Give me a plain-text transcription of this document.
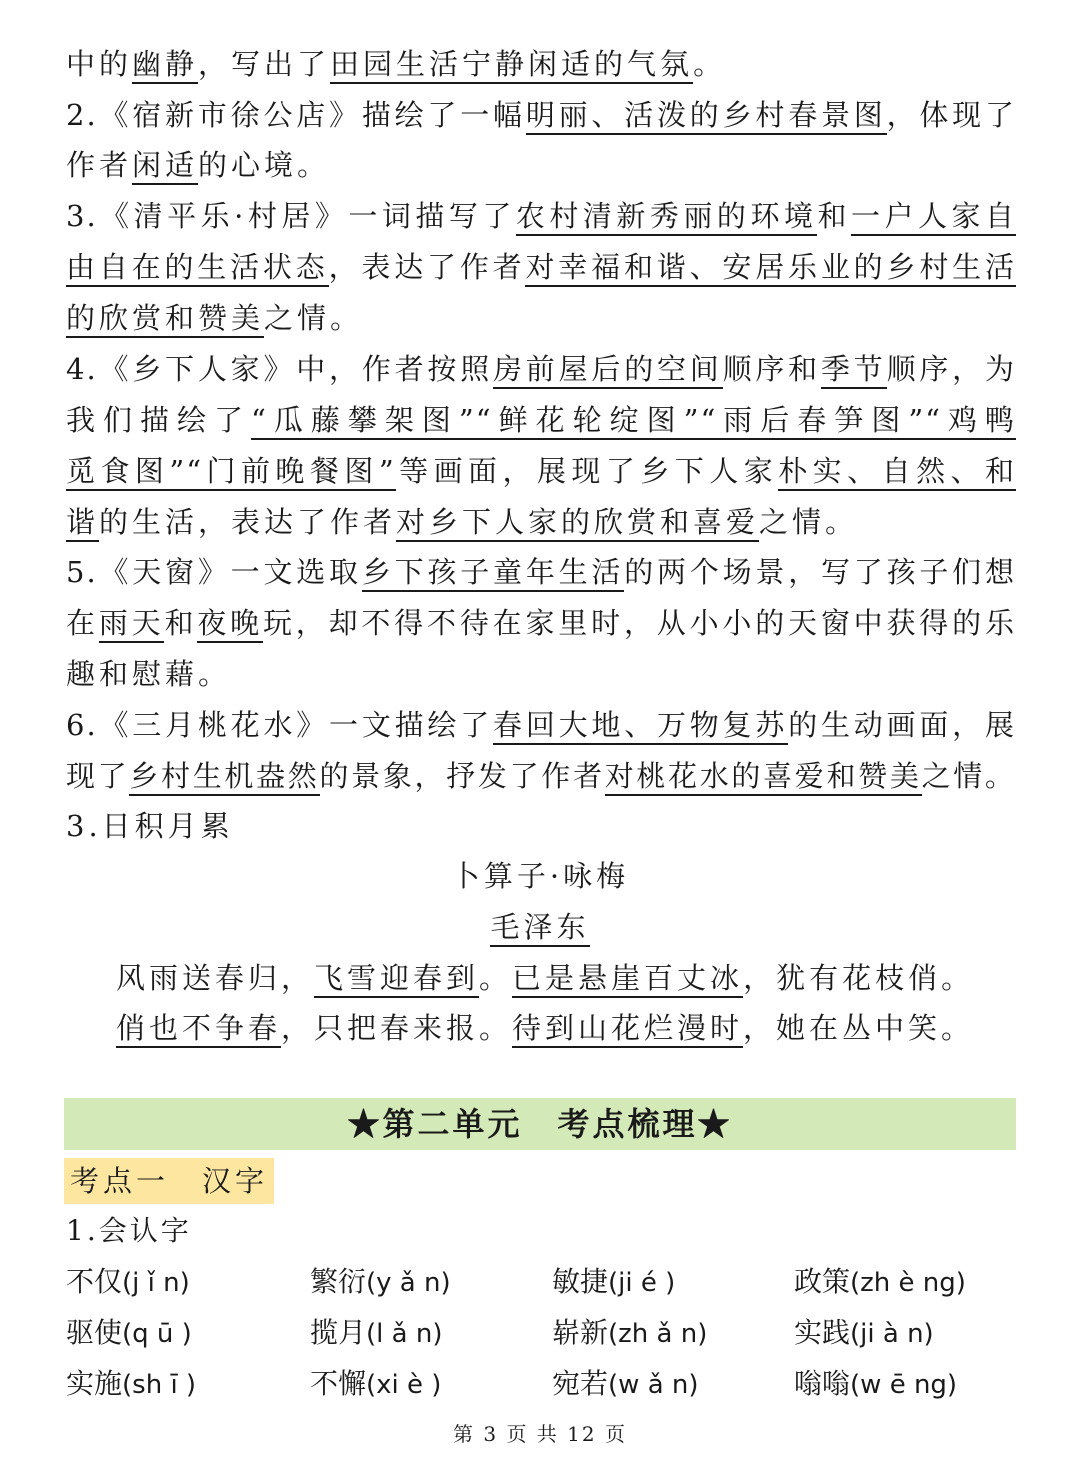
中的幽静，写出了田园生活宁静闲适的气氛。
2.《宿新市徐公店》描绘了一幅明丽、活泼的乡村春景图，体现了
作者闲适的心境。
3.《清平乐·村居》一词描写了农村清新秀丽的环境和一户人家自
由自在的生活状态，表达了作者对幸福和谐、安居乐业的乡村生活
的欣赏和赞美之情。
4.《乡下人家》中，作者按照房前屋后的空间顺序和季节顺序，为
我们描绘了“瓜藤攀架图”“鲜花轮绽图”“雨后春笋图”“鸡鸭
觅食图”“门前晚餐图”等画面，展现了乡下人家朴实、自然、和
谐的生活，表达了作者对乡下人家的欣赏和喜爱之情。
5.《天窗》一文选取乡下孩子童年生活的两个场景，写了孩子们想
在雨天和夜晚玩，却不得不待在家里时，从小小的天窗中获得的乐
趣和慰藉。
6.《三月桃花水》一文描绘了春回大地、万物复苏的生动画面，展
现了乡村生机盎然的景象，抒发了作者对桃花水的喜爱和赞美之情。
3.日积月累
卜算子·咏梅
毛泽东
风雨送春归，飞雪迎春到。已是悬崖百丈冰，犹有花枝俏。
俏也不争春，只把春来报。待到山花烂漫时，她在丛中笑。
★第二单元　考点梳理★
考点一　汉字
1.会认字
不仅(j ǐ n)	繁衍(y ǎ n)	敏捷(ji é )	政策(zh è ng)
驱使(q ū )	揽月(l ǎ n)	崭新(zh ǎ n)	实践(ji à n)
实施(sh ī )	不懈(xi è )	宛若(w ǎ n)	嗡嗡(w ē ng)
第 3 页 共 12 页
